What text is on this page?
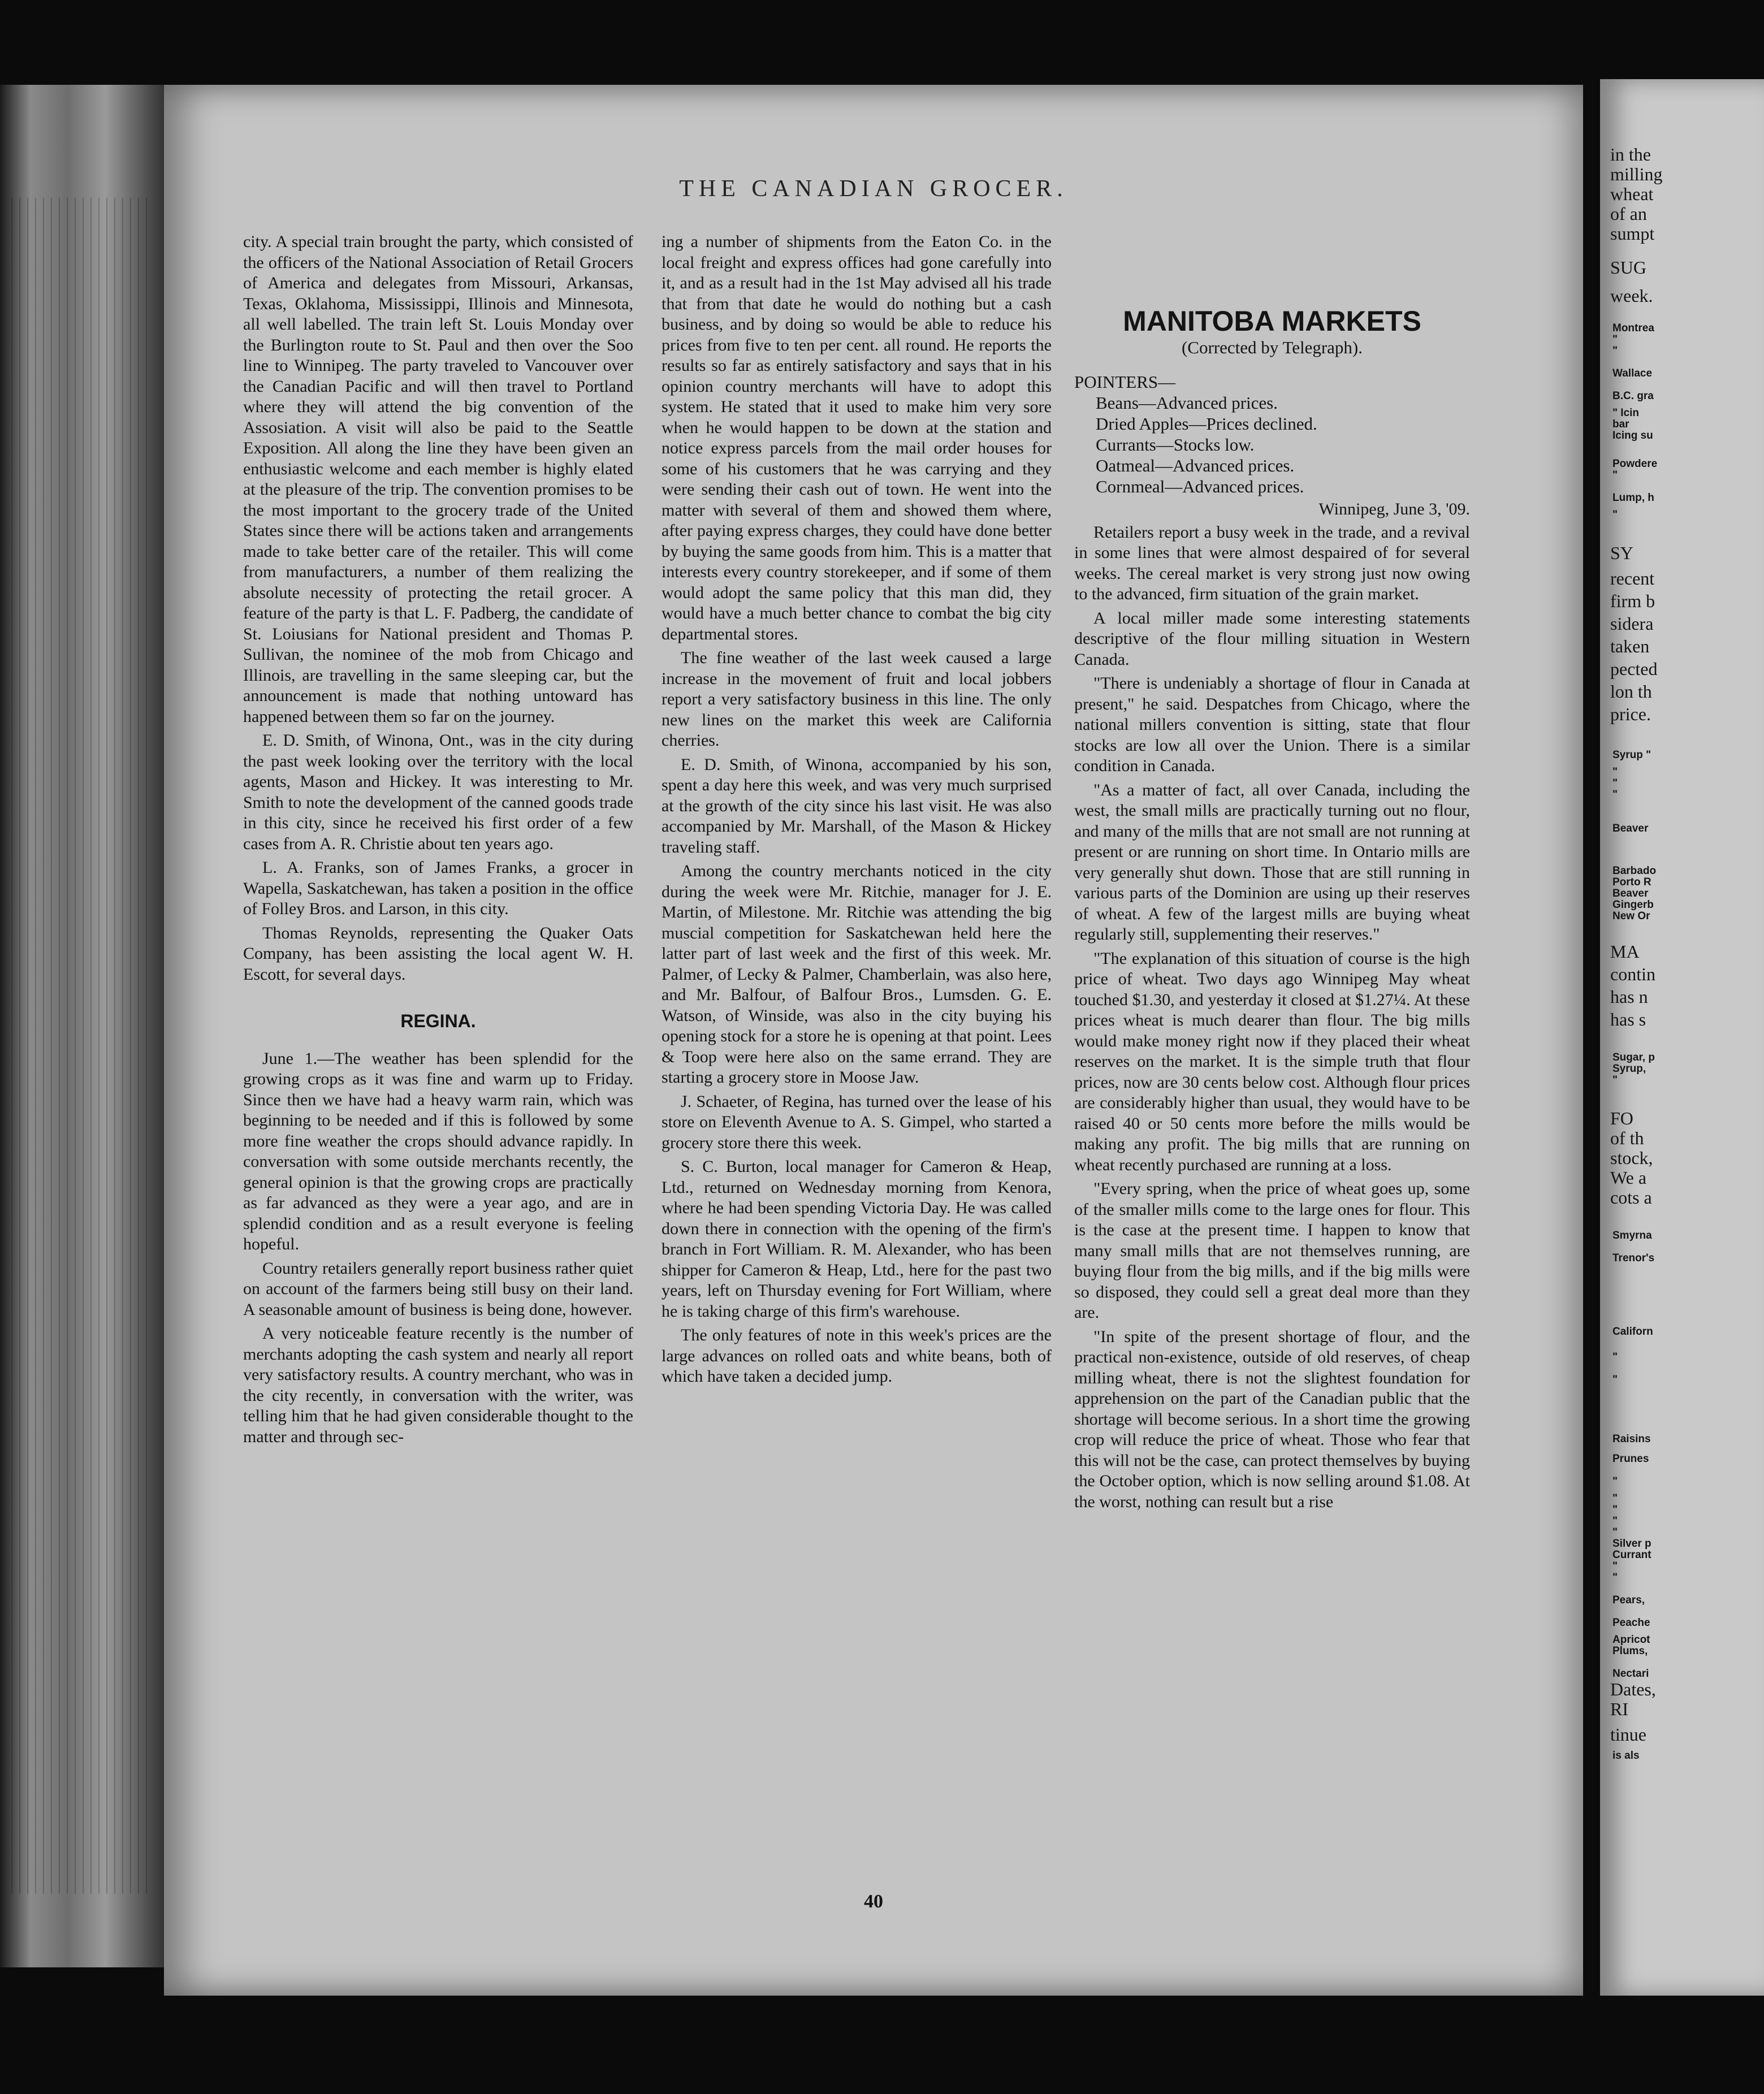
THE CANADIAN GROCER.

city. A special train brought the party, which consisted of the officers of the National Association of Retail Grocers of America and delegates from Missouri, Arkansas, Texas, Oklahoma, Mississippi, Illinois and Minnesota, all well labelled. The train left St. Louis Monday over the Burlington route to St. Paul and then over the Soo line to Winnipeg. The party traveled to Vancouver over the Canadian Pacific and will then travel to Portland where they will attend the big convention of the Assosiation. A visit will also be paid to the Seattle Exposition. All along the line they have been given an enthusiastic welcome and each member is highly elated at the pleasure of the trip. The convention promises to be the most important to the grocery trade of the United States since there will be actions taken and arrangements made to take better care of the retailer. This will come from manufacturers, a number of them realizing the absolute necessity of protecting the retail grocer. A feature of the party is that L. F. Padberg, the candidate of St. Loiusians for National president and Thomas P. Sullivan, the nominee of the mob from Chicago and Illinois, are travelling in the same sleeping car, but the announcement is made that nothing untoward has happened between them so far on the journey.

E. D. Smith, of Winona, Ont., was in the city during the past week looking over the territory with the local agents, Mason and Hickey. It was interesting to Mr. Smith to note the development of the canned goods trade in this city, since he received his first order of a few cases from A. R. Christie about ten years ago.

L. A. Franks, son of James Franks, a grocer in Wapella, Saskatchewan, has taken a position in the office of Folley Bros. and Larson, in this city.

Thomas Reynolds, representing the Quaker Oats Company, has been assisting the local agent W. H. Escott, for several days.

REGINA.

June 1.—The weather has been splendid for the growing crops as it was fine and warm up to Friday. Since then we have had a heavy warm rain, which was beginning to be needed and if this is followed by some more fine weather the crops should advance rapidly. In conversation with some outside merchants recently, the general opinion is that the growing crops are practically as far advanced as they were a year ago, and are in splendid condition and as a result everyone is feeling hopeful.

Country retailers generally report business rather quiet on account of the farmers being still busy on their land. A seasonable amount of business is being done, however.

A very noticeable feature recently is the number of merchants adopting the cash system and nearly all report very satisfactory results. A country merchant, who was in the city recently, in conversation with the writer, was telling him that he had given considerable thought to the matter and through sec-

ing a number of shipments from the Eaton Co. in the local freight and express offices had gone carefully into it, and as a result had in the 1st May advised all his trade that from that date he would do nothing but a cash business, and by doing so would be able to reduce his prices from five to ten per cent. all round. He reports the results so far as entirely satisfactory and says that in his opinion country merchants will have to adopt this system. He stated that it used to make him very sore when he would happen to be down at the station and notice express parcels from the mail order houses for some of his customers that he was carrying and they were sending their cash out of town. He went into the matter with several of them and showed them where, after paying express charges, they could have done better by buying the same goods from him. This is a matter that interests every country storekeeper, and if some of them would adopt the same policy that this man did, they would have a much better chance to combat the big city departmental stores.

The fine weather of the last week caused a large increase in the movement of fruit and local jobbers report a very satisfactory business in this line. The only new lines on the market this week are California cherries.

E. D. Smith, of Winona, accompanied by his son, spent a day here this week, and was very much surprised at the growth of the city since his last visit. He was also accompanied by Mr. Marshall, of the Mason & Hickey traveling staff.

Among the country merchants noticed in the city during the week were Mr. Ritchie, manager for J. E. Martin, of Milestone. Mr. Ritchie was attending the big muscial competition for Saskatchewan held here the latter part of last week and the first of this week. Mr. Palmer, of Lecky & Palmer, Chamberlain, was also here, and Mr. Balfour, of Balfour Bros., Lumsden. G. E. Watson, of Winside, was also in the city buying his opening stock for a store he is opening at that point. Lees & Toop were here also on the same errand. They are starting a grocery store in Moose Jaw.

J. Schaeter, of Regina, has turned over the lease of his store on Eleventh Avenue to A. S. Gimpel, who started a grocery store there this week.

S. C. Burton, local manager for Cameron & Heap, Ltd., returned on Wednesday morning from Kenora, where he had been spending Victoria Day. He was called down there in connection with the opening of the firm's branch in Fort William. R. M. Alexander, who has been shipper for Cameron & Heap, Ltd., here for the past two years, left on Thursday evening for Fort William, where he is taking charge of this firm's warehouse.

The only features of note in this week's prices are the large advances on rolled oats and white beans, both of which have taken a decided jump.

MANITOBA MARKETS
(Corrected by Telegraph).
POINTERS—
Beans—Advanced prices.
Dried Apples—Prices declined.
Currants—Stocks low.
Oatmeal—Advanced prices.
Cornmeal—Advanced prices.
Winnipeg, June 3, '09.

Retailers report a busy week in the trade, and a revival in some lines that were almost despaired of for several weeks. The cereal market is very strong just now owing to the advanced, firm situation of the grain market.

A local miller made some interesting statements descriptive of the flour milling situation in Western Canada.

"There is undeniably a shortage of flour in Canada at present," he said. Despatches from Chicago, where the national millers convention is sitting, state that flour stocks are low all over the Union. There is a similar condition in Canada.

"As a matter of fact, all over Canada, including the west, the small mills are practically turning out no flour, and many of the mills that are not small are not running at present or are running on short time. In Ontario mills are very generally shut down. Those that are still running in various parts of the Dominion are using up their reserves of wheat. A few of the largest mills are buying wheat regularly still, supplementing their reserves."

"The explanation of this situation of course is the high price of wheat. Two days ago Winnipeg May wheat touched $1.30, and yesterday it closed at $1.27¼. At these prices wheat is much dearer than flour. The big mills would make money right now if they placed their wheat reserves on the market. It is the simple truth that flour prices, now are 30 cents below cost. Although flour prices are considerably higher than usual, they would have to be raised 40 or 50 cents more before the mills would be making any profit. The big mills that are running on wheat recently purchased are running at a loss.

"Every spring, when the price of wheat goes up, some of the smaller mills come to the large ones for flour. This is the case at the present time. I happen to know that many small mills that are not themselves running, are buying flour from the big mills, and if the big mills were so disposed, they could sell a great deal more than they are.

"In spite of the present shortage of flour, and the practical non-existence, outside of old reserves, of cheap milling wheat, there is not the slightest foundation for apprehension on the part of the Canadian public that the shortage will become serious. In a short time the growing crop will reduce the price of wheat. Those who fear that this will not be the case, can protect themselves by buying the October option, which is now selling around $1.08. At the worst, nothing can result but a rise

40
in the
milling
wheat
of an
sumpt
SUG
week.
Montrea
"
"
Wallace
B.C. gra
" Icin
bar
Icing su
Powdere
"
Lump, h
"
SY
recent
firm b
sidera
taken
pected
lon th
price.
Syrup "
"
"
"
Beaver
Barbado
Porto R
Beaver
Gingerb
New Or
MA
contin
has n
has s
Sugar, p
Syrup,
"
FO
of th
stock,
We a
cots a
Smyrna
Trenor's
Californ
"
"
Raisins
Prunes
"
"
"
"
"
Silver p
Currant
"
"
Pears,
Peache
Apricot
Plums,
Nectari
Dates,
RI
tinue
is als
